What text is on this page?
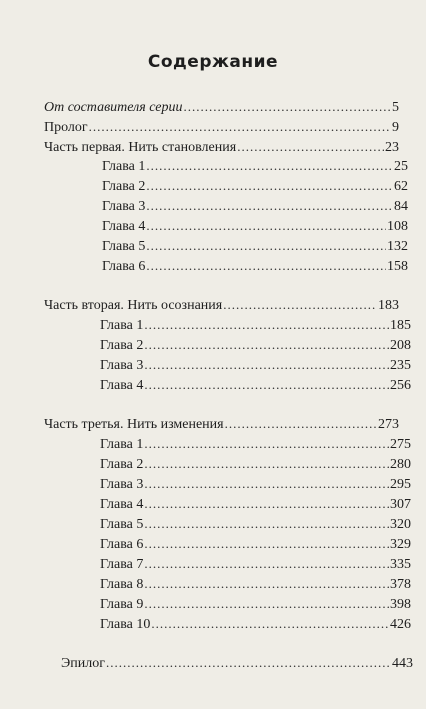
Содержание
От составителя серии .....	5
Пролог .....	9
Часть первая. Нить становления .....	23
Глава 1 .....	25
Глава 2 .....	62
Глава 3 .....	84
Глава 4 .....	108
Глава 5 .....	132
Глава 6 .....	158
Часть вторая. Нить осознания .....	183
Глава 1 .....	185
Глава 2 .....	208
Глава 3 .....	235
Глава 4 .....	256
Часть третья. Нить изменения .....	273
Глава 1 .....	275
Глава 2 .....	280
Глава 3 .....	295
Глава 4 .....	307
Глава 5 .....	320
Глава 6 .....	329
Глава 7 .....	335
Глава 8 .....	378
Глава 9 .....	398
Глава 10 .....	426
Эпилог .....	443
